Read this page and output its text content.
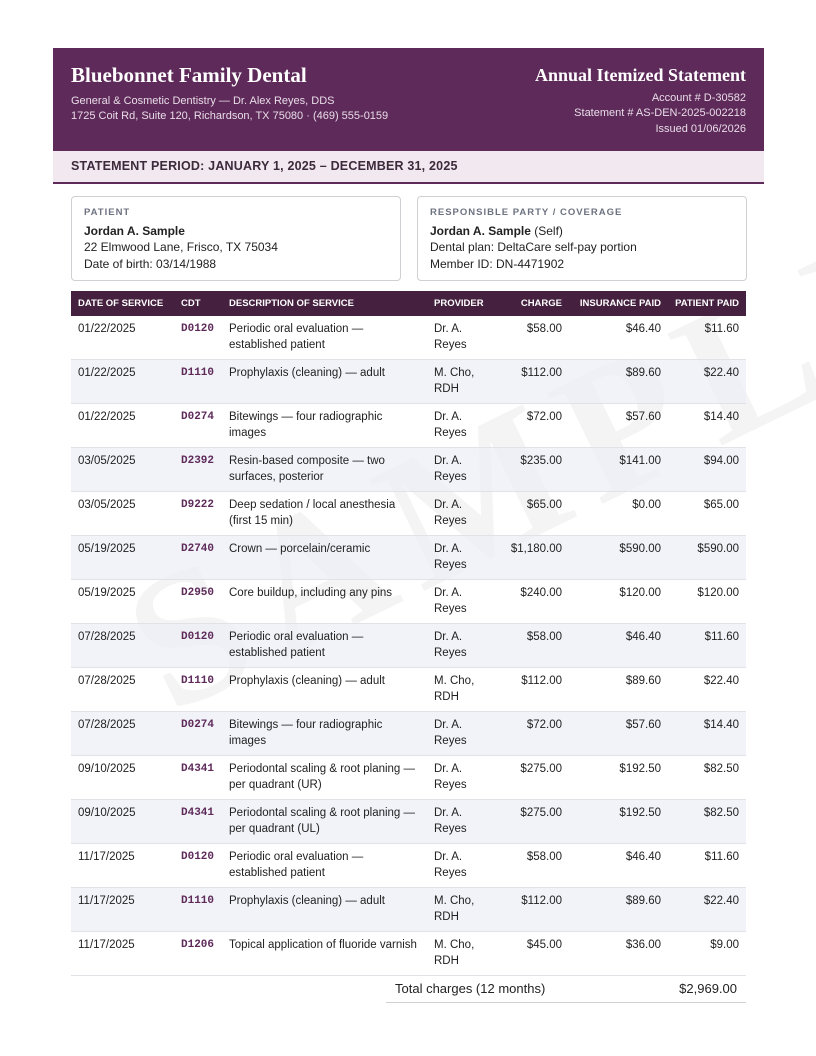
Bluebonnet Family Dental
General & Cosmetic Dentistry — Dr. Alex Reyes, DDS
1725 Coit Rd, Suite 120, Richardson, TX 75080 · (469) 555-0159
Annual Itemized Statement
Account # D-30582
Statement # AS-DEN-2025-002218
Issued 01/06/2026
STATEMENT PERIOD: JANUARY 1, 2025 – DECEMBER 31, 2025
PATIENT
Jordan A. Sample
22 Elmwood Lane, Frisco, TX 75034
Date of birth: 03/14/1988
RESPONSIBLE PARTY / COVERAGE
Jordan A. Sample (Self)
Dental plan: DeltaCare self-pay portion
Member ID: DN-4471902
DATE OF SERVICE	CDT	DESCRIPTION OF SERVICE	PROVIDER	CHARGE	INSURANCE PAID	PATIENT PAID
01/22/2025	D0120	Periodic oral evaluation — established patient	Dr. A. Reyes	$58.00	$46.40	$11.60
01/22/2025	D1110	Prophylaxis (cleaning) — adult	M. Cho, RDH	$112.00	$89.60	$22.40
01/22/2025	D0274	Bitewings — four radiographic images	Dr. A. Reyes	$72.00	$57.60	$14.40
03/05/2025	D2392	Resin-based composite — two surfaces, posterior	Dr. A. Reyes	$235.00	$141.00	$94.00
03/05/2025	D9222	Deep sedation / local anesthesia (first 15 min)	Dr. A. Reyes	$65.00	$0.00	$65.00
05/19/2025	D2740	Crown — porcelain/ceramic	Dr. A. Reyes	$1,180.00	$590.00	$590.00
05/19/2025	D2950	Core buildup, including any pins	Dr. A. Reyes	$240.00	$120.00	$120.00
07/28/2025	D0120	Periodic oral evaluation — established patient	Dr. A. Reyes	$58.00	$46.40	$11.60
07/28/2025	D1110	Prophylaxis (cleaning) — adult	M. Cho, RDH	$112.00	$89.60	$22.40
07/28/2025	D0274	Bitewings — four radiographic images	Dr. A. Reyes	$72.00	$57.60	$14.40
09/10/2025	D4341	Periodontal scaling & root planing — per quadrant (UR)	Dr. A. Reyes	$275.00	$192.50	$82.50
09/10/2025	D4341	Periodontal scaling & root planing — per quadrant (UL)	Dr. A. Reyes	$275.00	$192.50	$82.50
11/17/2025	D0120	Periodic oral evaluation — established patient	Dr. A. Reyes	$58.00	$46.40	$11.60
11/17/2025	D1110	Prophylaxis (cleaning) — adult	M. Cho, RDH	$112.00	$89.60	$22.40
11/17/2025	D1206	Topical application of fluoride varnish	M. Cho, RDH	$45.00	$36.00	$9.00
Total charges (12 months)	$2,969.00
